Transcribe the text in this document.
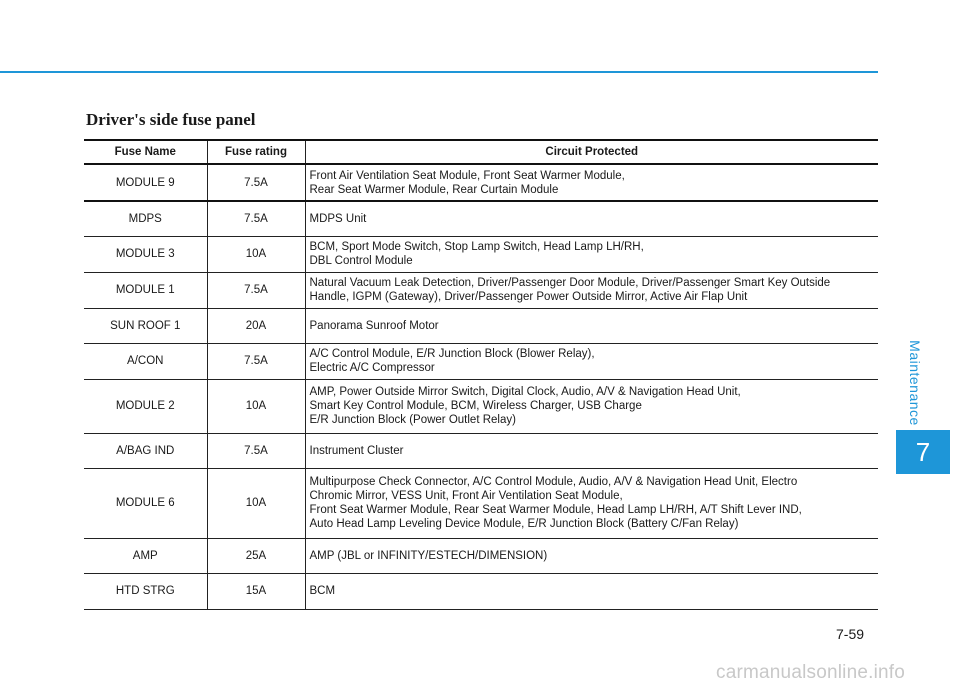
Maintenance
7
Driver's side fuse panel
Fuse Name	Fuse rating	Circuit Protected
MODULE 9	7.5A	Front Air Ventilation Seat Module, Front Seat Warmer Module,
Rear Seat Warmer Module, Rear Curtain Module

MDPS	7.5A	MDPS Unit

MODULE 3	10A	BCM, Sport Mode Switch, Stop Lamp Switch, Head Lamp LH/RH,
DBL Control Module

MODULE 1	7.5A	Natural Vacuum Leak Detection, Driver/Passenger Door Module, Driver/Passenger Smart Key Outside
Handle, IGPM (Gateway), Driver/Passenger Power Outside Mirror, Active Air Flap Unit

SUN ROOF 1	20A	Panorama Sunroof Motor

A/CON	7.5A	A/C Control Module, E/R Junction Block (Blower Relay),
Electric A/C Compressor

MODULE 2	10A	AMP, Power Outside Mirror Switch, Digital Clock, Audio, A/V & Navigation Head Unit,
Smart Key Control Module, BCM, Wireless Charger, USB Charge
E/R Junction Block (Power Outlet Relay)

A/BAG IND	7.5A	Instrument Cluster

MODULE 6	10A	Multipurpose Check Connector, A/C Control Module, Audio, A/V & Navigation Head Unit, Electro
Chromic Mirror, VESS Unit, Front Air Ventilation Seat Module,
Front Seat Warmer Module, Rear Seat Warmer Module, Head Lamp LH/RH, A/T Shift Lever IND,
Auto Head Lamp Leveling Device Module, E/R Junction Block (Battery C/Fan Relay)

AMP	25A	AMP (JBL or INFINITY/ESTECH/DIMENSION)

HTD STRG	15A	BCM
7-59
carmanualsonline.info
